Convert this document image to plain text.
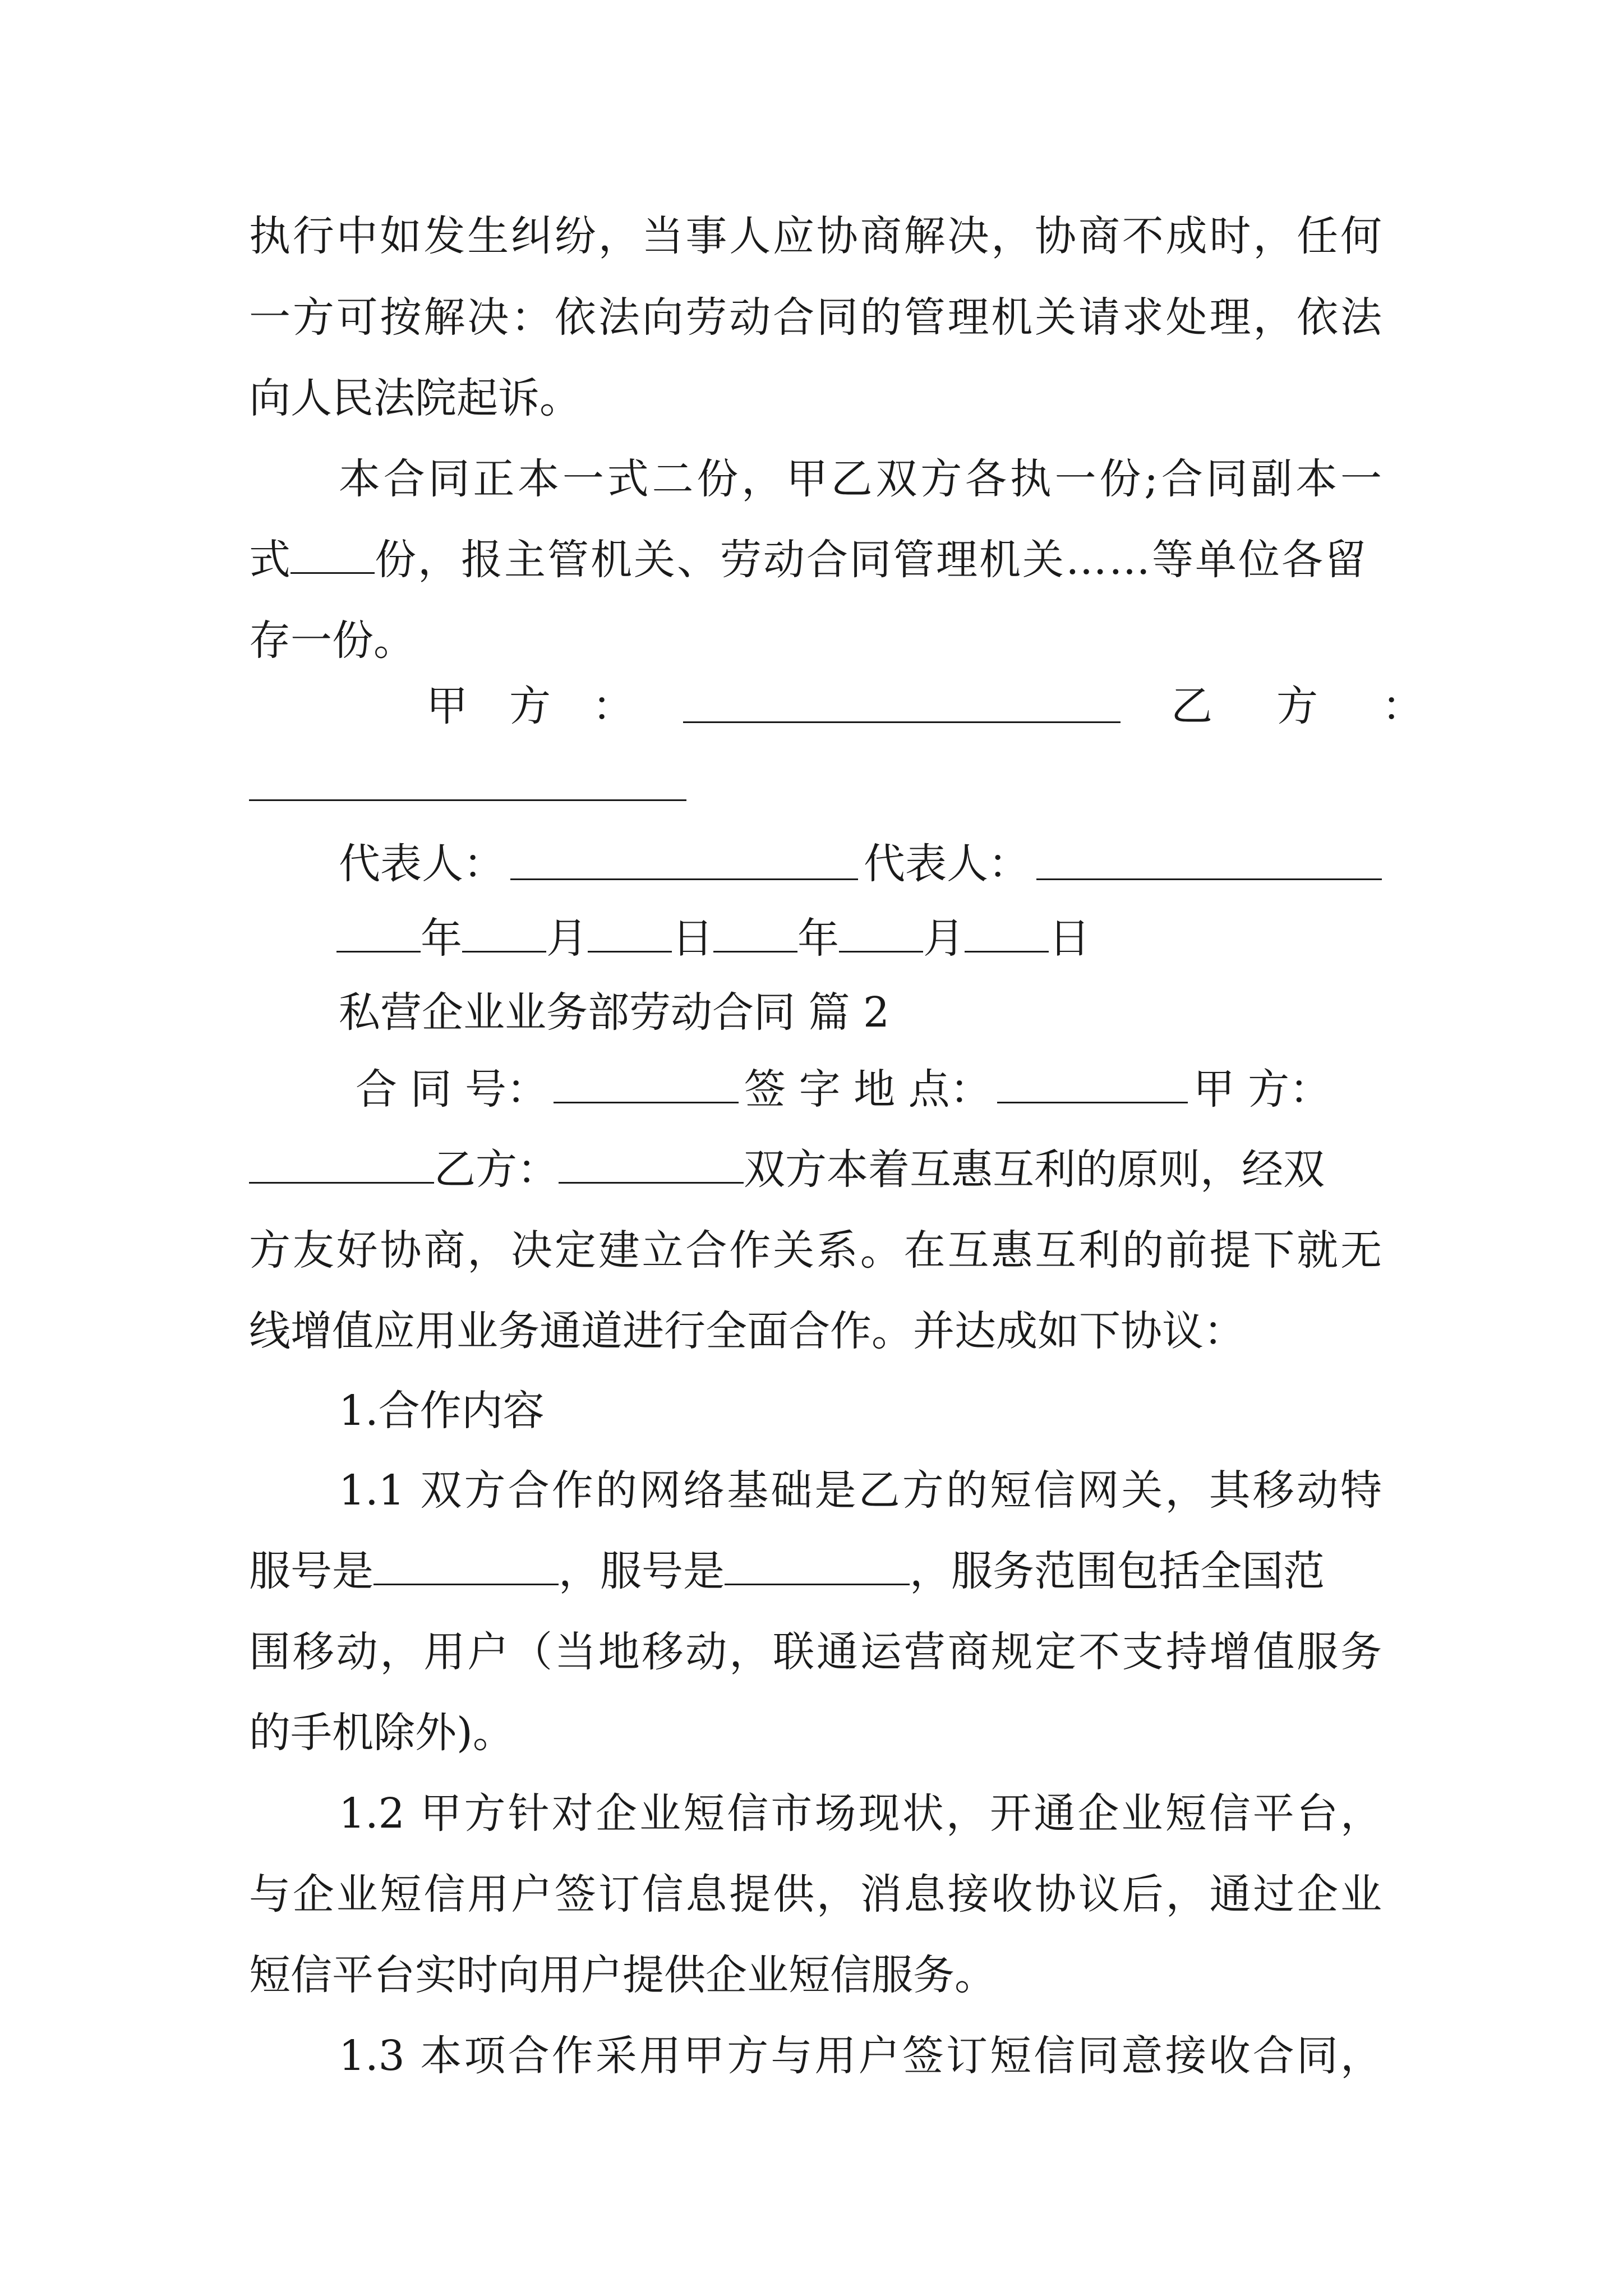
执行中如发生纠纷，当事人应协商解决，协商不成时，任何
一方可按解决：依法向劳动合同的管理机关请求处理，依法
向人民法院起诉。
本合同正本一式二份，甲乙双方各执一份;合同副本一
式 份，报主管机关、劳动合同管理机关……等单位各留
存一份。
甲　方　：	乙　方　：
代表人：	代表人：
年 月 日 年 月 日
私营企业业务部劳动合同 篇 2
合 同 号：	签 字 地 点：	甲 方：
乙方：	双方本着互惠互利的原则，经双
方友好协商，决定建立合作关系。在互惠互利的前提下就无
线增值应用业务通道进行全面合作。并达成如下协议：
1.合作内容
1.1 双方合作的网络基础是乙方的短信网关，其移动特
服号是	，服号是	，服务范围包括全国范
围移动，用户（当地移动，联通运营商规定不支持增值服务
的手机除外)。
1.2 甲方针对企业短信市场现状，开通企业短信平台，
与企业短信用户签订信息提供，消息接收协议后，通过企业
短信平台实时向用户提供企业短信服务。
1.3 本项合作采用甲方与用户签订短信同意接收合同，
